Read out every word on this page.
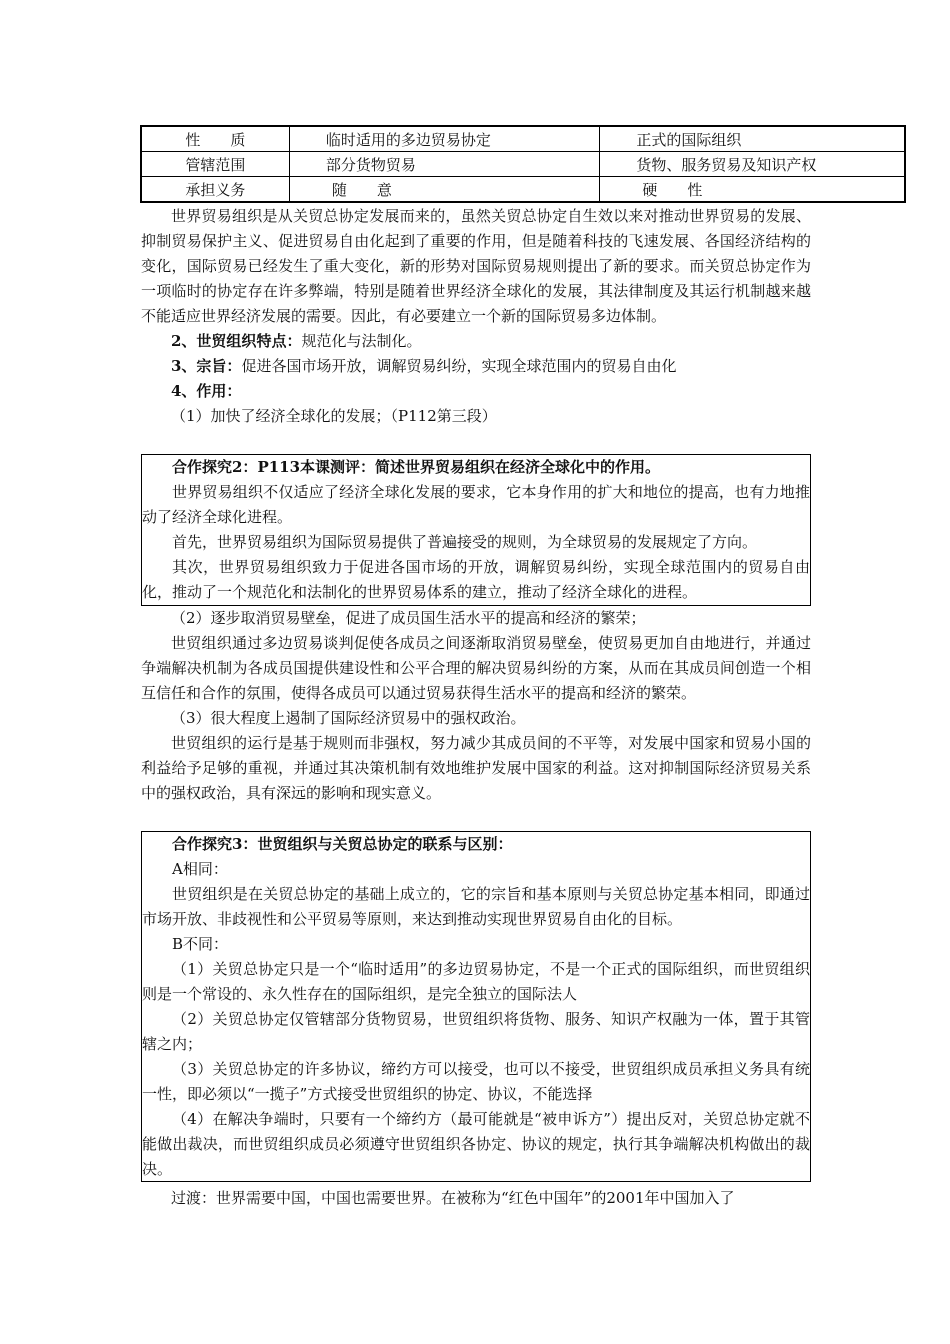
性　　质	临时适用的多边贸易协定	正式的国际组织

管辖范围	部分货物贸易	货物、服务贸易及知识产权

承担义务	随　　意	硬　　性

世界贸易组织是从关贸总协定发展而来的，虽然关贸总协定自生效以来对推动世界贸易的发展、抑制贸易保护主义、促进贸易自由化起到了重要的作用，但是随着科技的飞速发展、各国经济结构的变化，国际贸易已经发生了重大变化，新的形势对国际贸易规则提出了新的要求。而关贸总协定作为一项临时的协定存在许多弊端，特别是随着世界经济全球化的发展，其法律制度及其运行机制越来越不能适应世界经济发展的需要。因此，有必要建立一个新的国际贸易多边体制。

2、世贸组织特点：规范化与法制化。

3、宗旨：促进各国市场开放，调解贸易纠纷，实现全球范围内的贸易自由化

4、作用：

（1）加快了经济全球化的发展；（P112第三段）

合作探究2：P113本课测评：简述世界贸易组织在经济全球化中的作用。

世界贸易组织不仅适应了经济全球化发展的要求，它本身作用的扩大和地位的提高，也有力地推动了经济全球化进程。

首先，世界贸易组织为国际贸易提供了普遍接受的规则，为全球贸易的发展规定了方向。

其次，世界贸易组织致力于促进各国市场的开放，调解贸易纠纷，实现全球范围内的贸易自由化，推动了一个规范化和法制化的世界贸易体系的建立，推动了经济全球化的进程。

（2）逐步取消贸易壁垒，促进了成员国生活水平的提高和经济的繁荣；

世贸组织通过多边贸易谈判促使各成员之间逐渐取消贸易壁垒，使贸易更加自由地进行，并通过争端解决机制为各成员国提供建设性和公平合理的解决贸易纠纷的方案，从而在其成员间创造一个相互信任和合作的氛围，使得各成员可以通过贸易获得生活水平的提高和经济的繁荣。

（3）很大程度上遏制了国际经济贸易中的强权政治。

世贸组织的运行是基于规则而非强权，努力减少其成员间的不平等，对发展中国家和贸易小国的利益给予足够的重视，并通过其决策机制有效地维护发展中国家的利益。这对抑制国际经济贸易关系中的强权政治，具有深远的影响和现实意义。

合作探究3：世贸组织与关贸总协定的联系与区别：

A相同：

世贸组织是在关贸总协定的基础上成立的，它的宗旨和基本原则与关贸总协定基本相同，即通过市场开放、非歧视性和公平贸易等原则，来达到推动实现世界贸易自由化的目标。

B不同：

（1）关贸总协定只是一个“临时适用”的多边贸易协定，不是一个正式的国际组织，而世贸组织则是一个常设的、永久性存在的国际组织，是完全独立的国际法人

（2）关贸总协定仅管辖部分货物贸易，世贸组织将货物、服务、知识产权融为一体，置于其管辖之内；

（3）关贸总协定的许多协议，缔约方可以接受，也可以不接受，世贸组织成员承担义务具有统一性，即必须以“一揽子”方式接受世贸组织的协定、协议，不能选择

（4）在解决争端时，只要有一个缔约方（最可能就是“被申诉方”）提出反对，关贸总协定就不能做出裁决，而世贸组织成员必须遵守世贸组织各协定、协议的规定，执行其争端解决机构做出的裁决。

过渡：世界需要中国，中国也需要世界。在被称为“红色中国年”的2001年中国加入了
